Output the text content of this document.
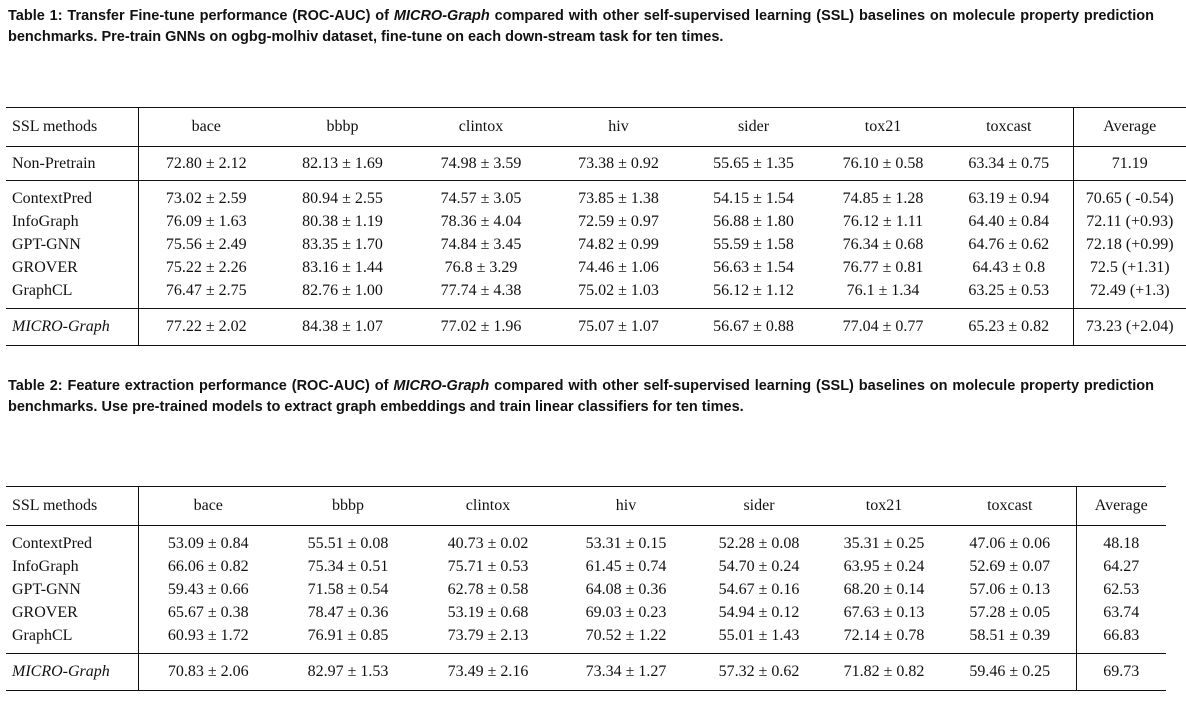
Table 1: Transfer Fine-tune performance (ROC-AUC) of MICRO-Graph compared with other self-supervised learning (SSL) baselines on molecule property prediction benchmarks. Pre-train GNNs on ogbg-molhiv dataset, fine-tune on each down-stream task for ten times.
SSL methods	bace	bbbp	clintox	hiv	sider	tox21	toxcast	Average
Non-Pretrain	72.80 ± 2.12	82.13 ± 1.69	74.98 ± 3.59	73.38 ± 0.92	55.65 ± 1.35	76.10 ± 0.58	63.34 ± 0.75	71.19
ContextPred	73.02 ± 2.59	80.94 ± 2.55	74.57 ± 3.05	73.85 ± 1.38	54.15 ± 1.54	74.85 ± 1.28	63.19 ± 0.94	70.65 ( -0.54)
InfoGraph	76.09 ± 1.63	80.38 ± 1.19	78.36 ± 4.04	72.59 ± 0.97	56.88 ± 1.80	76.12 ± 1.11	64.40 ± 0.84	72.11 (+0.93)
GPT-GNN	75.56 ± 2.49	83.35 ± 1.70	74.84 ± 3.45	74.82 ± 0.99	55.59 ± 1.58	76.34 ± 0.68	64.76 ± 0.62	72.18 (+0.99)
GROVER	75.22 ± 2.26	83.16 ± 1.44	76.8 ± 3.29	74.46 ± 1.06	56.63 ± 1.54	76.77 ± 0.81	64.43 ± 0.8	72.5 (+1.31)
GraphCL	76.47 ± 2.75	82.76 ± 1.00	77.74 ± 4.38	75.02 ± 1.03	56.12 ± 1.12	76.1 ± 1.34	63.25 ± 0.53	72.49 (+1.3)
MICRO-Graph	77.22 ± 2.02	84.38 ± 1.07	77.02 ± 1.96	75.07 ± 1.07	56.67 ± 0.88	77.04 ± 0.77	65.23 ± 0.82	73.23 (+2.04)
Table 2: Feature extraction performance (ROC-AUC) of MICRO-Graph compared with other self-supervised learning (SSL) baselines on molecule property prediction benchmarks. Use pre-trained models to extract graph embeddings and train linear classifiers for ten times.
SSL methods	bace	bbbp	clintox	hiv	sider	tox21	toxcast	Average
ContextPred	53.09 ± 0.84	55.51 ± 0.08	40.73 ± 0.02	53.31 ± 0.15	52.28 ± 0.08	35.31 ± 0.25	47.06 ± 0.06	48.18
InfoGraph	66.06 ± 0.82	75.34 ± 0.51	75.71 ± 0.53	61.45 ± 0.74	54.70 ± 0.24	63.95 ± 0.24	52.69 ± 0.07	64.27
GPT-GNN	59.43 ± 0.66	71.58 ± 0.54	62.78 ± 0.58	64.08 ± 0.36	54.67 ± 0.16	68.20 ± 0.14	57.06 ± 0.13	62.53
GROVER	65.67 ± 0.38	78.47 ± 0.36	53.19 ± 0.68	69.03 ± 0.23	54.94 ± 0.12	67.63 ± 0.13	57.28 ± 0.05	63.74
GraphCL	60.93 ± 1.72	76.91 ± 0.85	73.79 ± 2.13	70.52 ± 1.22	55.01 ± 1.43	72.14 ± 0.78	58.51 ± 0.39	66.83
MICRO-Graph	70.83 ± 2.06	82.97 ± 1.53	73.49 ± 2.16	73.34 ± 1.27	57.32 ± 0.62	71.82 ± 0.82	59.46 ± 0.25	69.73
